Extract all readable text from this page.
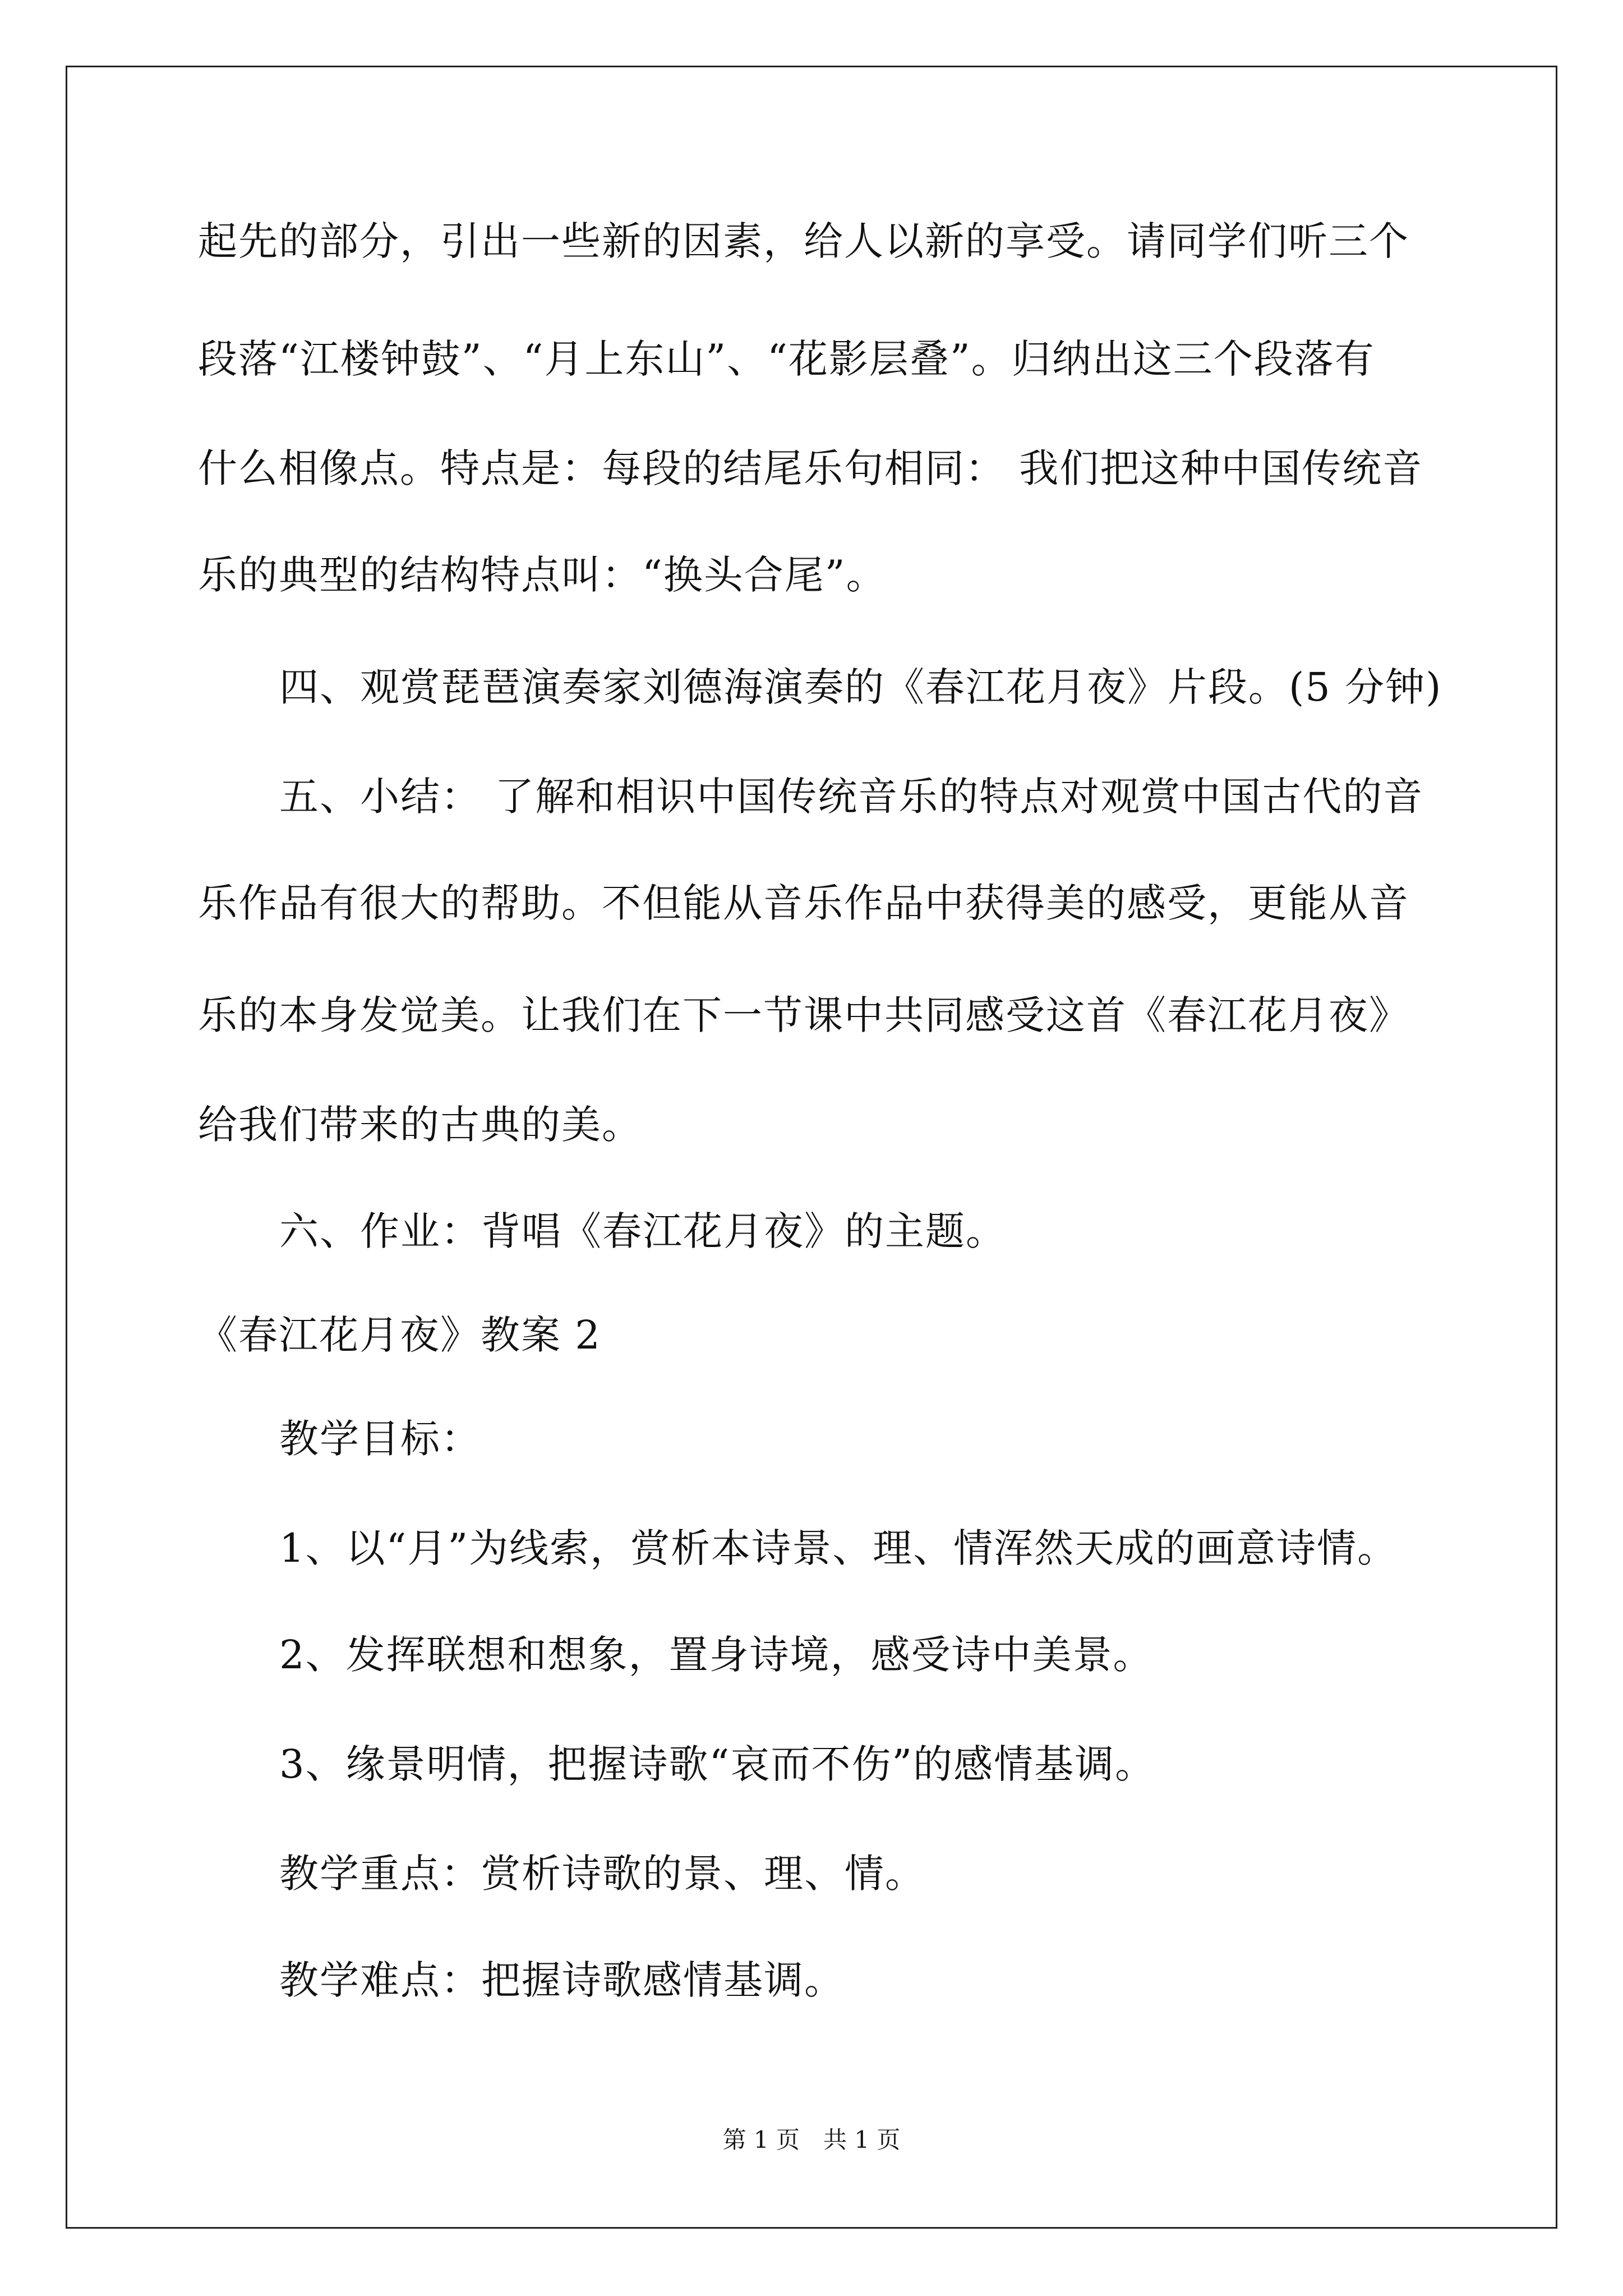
起先的部分，引出一些新的因素，给人以新的享受。请同学们听三个

段落“江楼钟鼓”、“月上东山”、“花影层叠”。归纳出这三个段落有

什么相像点。特点是：每段的结尾乐句相同： 我们把这种中国传统音

乐的典型的结构特点叫：“换头合尾”。

四、观赏琵琶演奏家刘德海演奏的《春江花月夜》片段。(5 分钟)

五、小结： 了解和相识中国传统音乐的特点对观赏中国古代的音

乐作品有很大的帮助。不但能从音乐作品中获得美的感受，更能从音

乐的本身发觉美。让我们在下一节课中共同感受这首《春江花月夜》

给我们带来的古典的美。

六、作业：背唱《春江花月夜》的主题。

《春江花月夜》教案 2

教学目标：

1、以“月”为线索，赏析本诗景、理、情浑然天成的画意诗情。

2、发挥联想和想象，置身诗境，感受诗中美景。

3、缘景明情，把握诗歌“哀而不伤”的感情基调。

教学重点：赏析诗歌的景、理、情。

教学难点：把握诗歌感情基调。

第 1 页　共 1 页
